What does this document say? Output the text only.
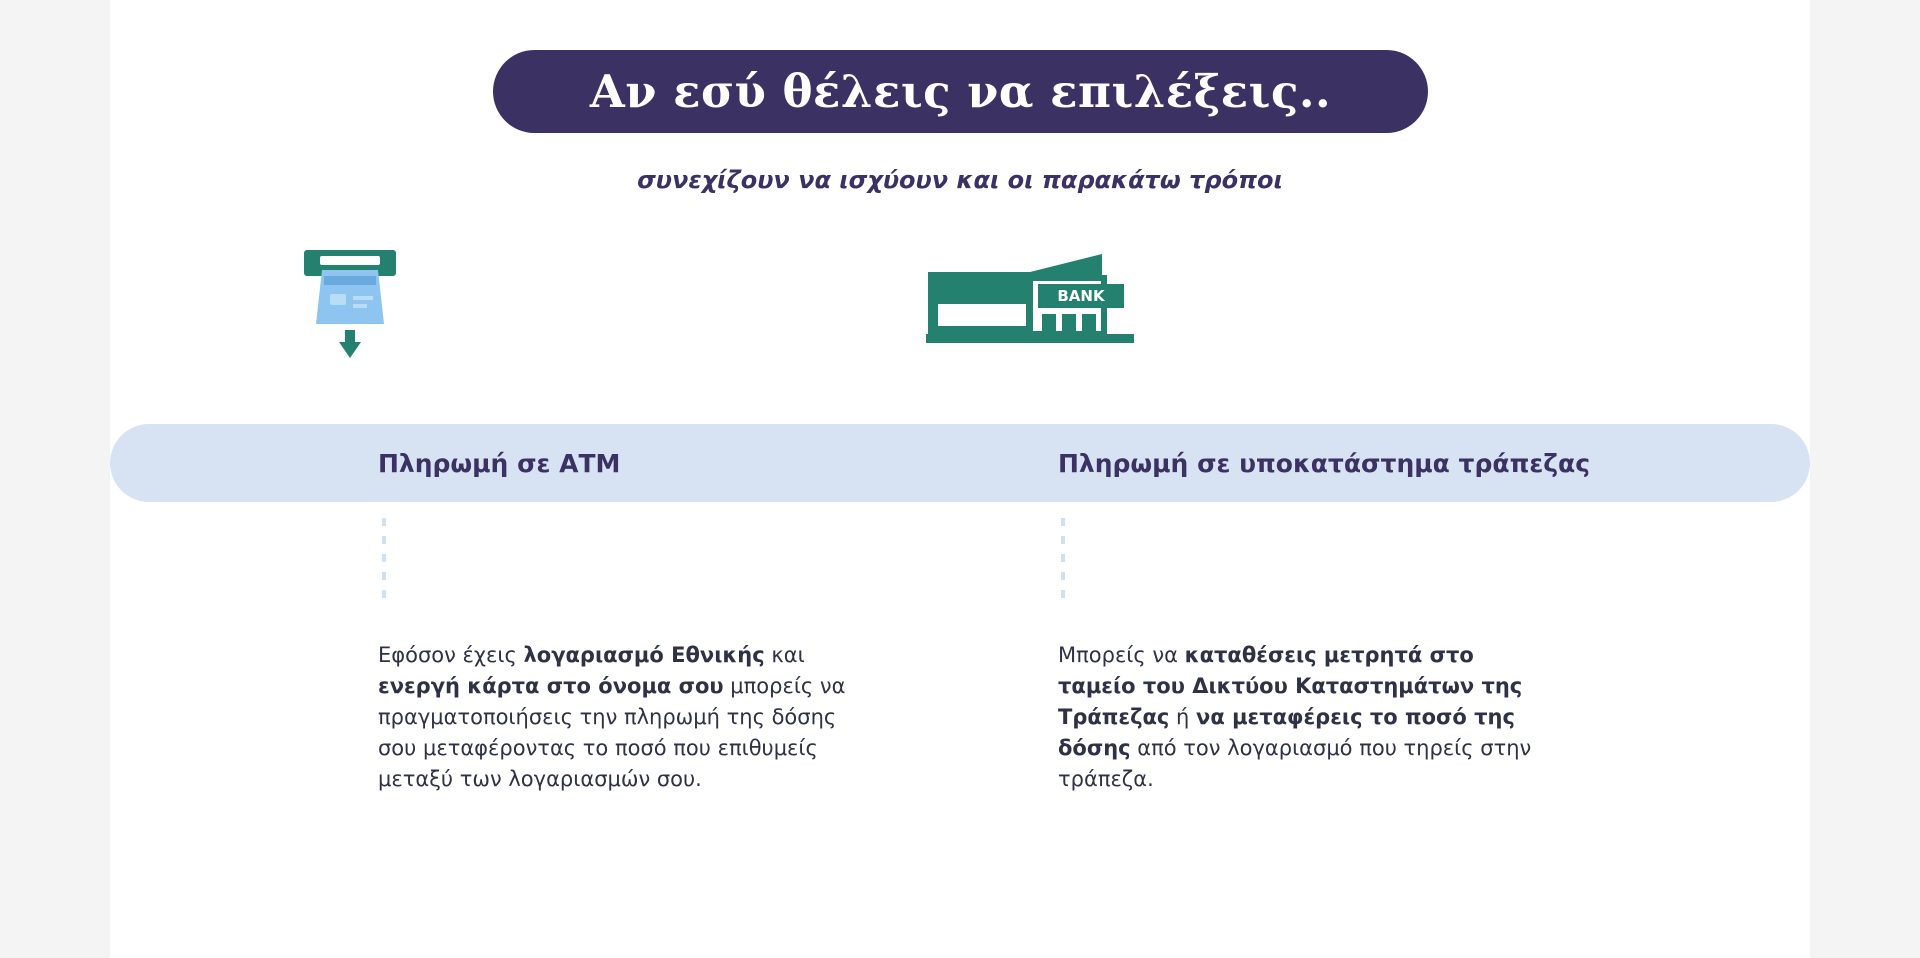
Αν εσύ θέλεις να επιλέξεις..
συνεχίζουν να ισχύουν και οι παρακάτω τρόποι
BANK
Πληρωμή σε ΑΤΜ	Πληρωμή σε υποκατάστημα τράπεζας
Εφόσον έχεις λογαριασμό Εθνικής και ενεργή κάρτα στο όνομα σου μπορείς να πραγματοποιήσεις την πληρωμή της δόσης σου μεταφέροντας το ποσό που επιθυμείς μεταξύ των λογαριασμών σου.
Μπορείς να καταθέσεις μετρητά στο ταμείο του Δικτύου Καταστημάτων της Τράπεζας ή να μεταφέρεις το ποσό της δόσης από τον λογαριασμό που τηρείς στην τράπεζα.
